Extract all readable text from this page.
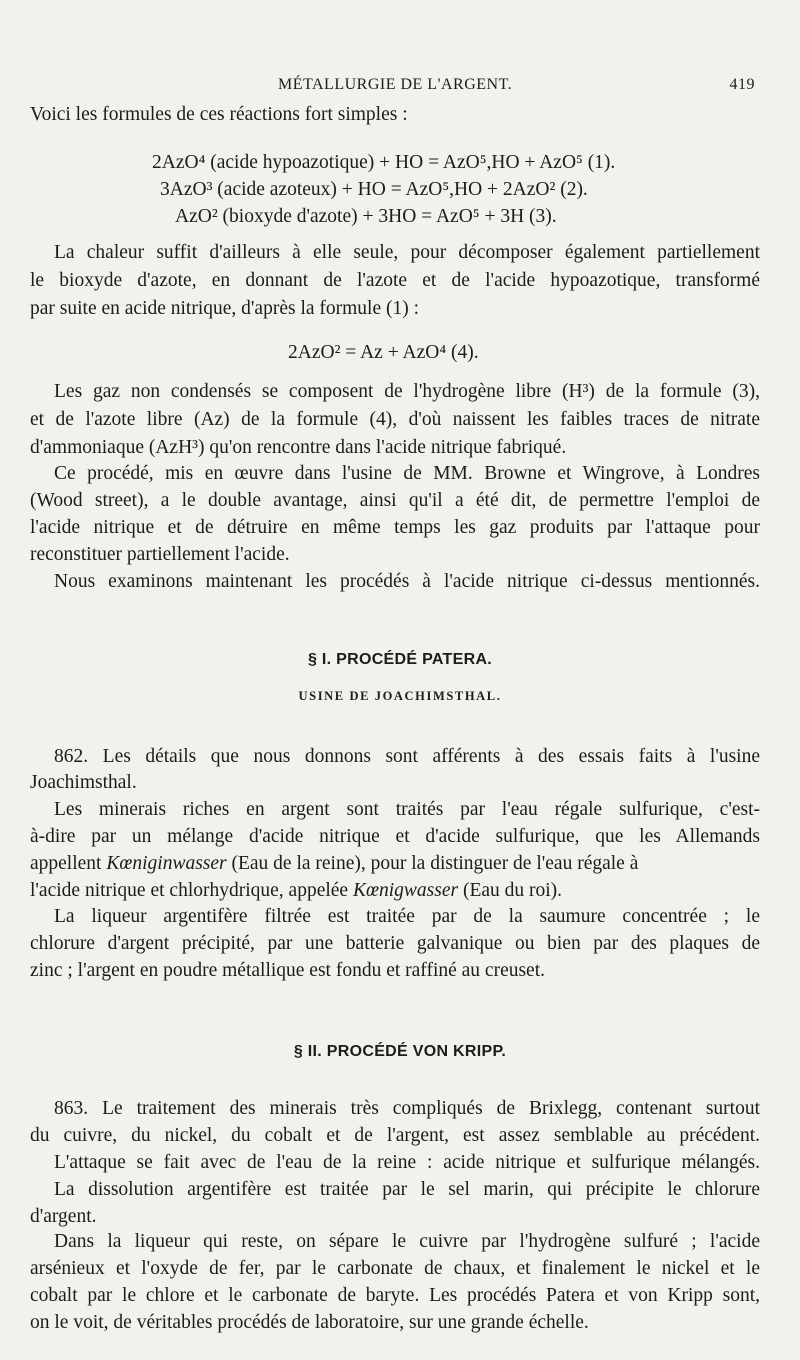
MÉTALLURGIE DE L'ARGENT.	419
Voici les formules de ces réactions fort simples :
2AzO⁴ (acide hypoazotique) + HO = AzO⁵,HO + AzO⁵ (1).
3AzO³ (acide azoteux) + HO = AzO⁵,HO + 2AzO² (2).
AzO² (bioxyde d'azote) + 3HO = AzO⁵ + 3H (3).
La chaleur suffit d'ailleurs à elle seule, pour décomposer également partiellement
le bioxyde d'azote, en donnant de l'azote et de l'acide hypoazotique, transformé
par suite en acide nitrique, d'après la formule (1) :
2AzO² = Az + AzO⁴ (4).
Les gaz non condensés se composent de l'hydrogène libre (H³) de la formule (3),
et de l'azote libre (Az) de la formule (4), d'où naissent les faibles traces de nitrate
d'ammoniaque (AzH³) qu'on rencontre dans l'acide nitrique fabriqué.
Ce procédé, mis en œuvre dans l'usine de MM. Browne et Wingrove, à Londres
(Wood street), a le double avantage, ainsi qu'il a été dit, de permettre l'emploi de
l'acide nitrique et de détruire en même temps les gaz produits par l'attaque pour
reconstituer partiellement l'acide.
Nous examinons maintenant les procédés à l'acide nitrique ci-dessus mentionnés.
§ I. PROCÉDÉ PATERA.
USINE DE JOACHIMSTHAL.
862. Les détails que nous donnons sont afférents à des essais faits à l'usine
Joachimsthal.
Les minerais riches en argent sont traités par l'eau régale sulfurique, c'est-
à-dire par un mélange d'acide nitrique et d'acide sulfurique, que les Allemands
appellent Kœniginwasser (Eau de la reine), pour la distinguer de l'eau régale à
l'acide nitrique et chlorhydrique, appelée Kœnigwasser (Eau du roi).
La liqueur argentifère filtrée est traitée par de la saumure concentrée ; le
chlorure d'argent précipité, par une batterie galvanique ou bien par des plaques de
zinc ; l'argent en poudre métallique est fondu et raffiné au creuset.
§ II. PROCÉDÉ VON KRIPP.
863. Le traitement des minerais très compliqués de Brixlegg, contenant surtout
du cuivre, du nickel, du cobalt et de l'argent, est assez semblable au précédent.
L'attaque se fait avec de l'eau de la reine : acide nitrique et sulfurique mélangés.
La dissolution argentifère est traitée par le sel marin, qui précipite le chlorure
d'argent.
Dans la liqueur qui reste, on sépare le cuivre par l'hydrogène sulfuré ; l'acide
arsénieux et l'oxyde de fer, par le carbonate de chaux, et finalement le nickel et le
cobalt par le chlore et le carbonate de baryte. Les procédés Patera et von Kripp sont,
on le voit, de véritables procédés de laboratoire, sur une grande échelle.
